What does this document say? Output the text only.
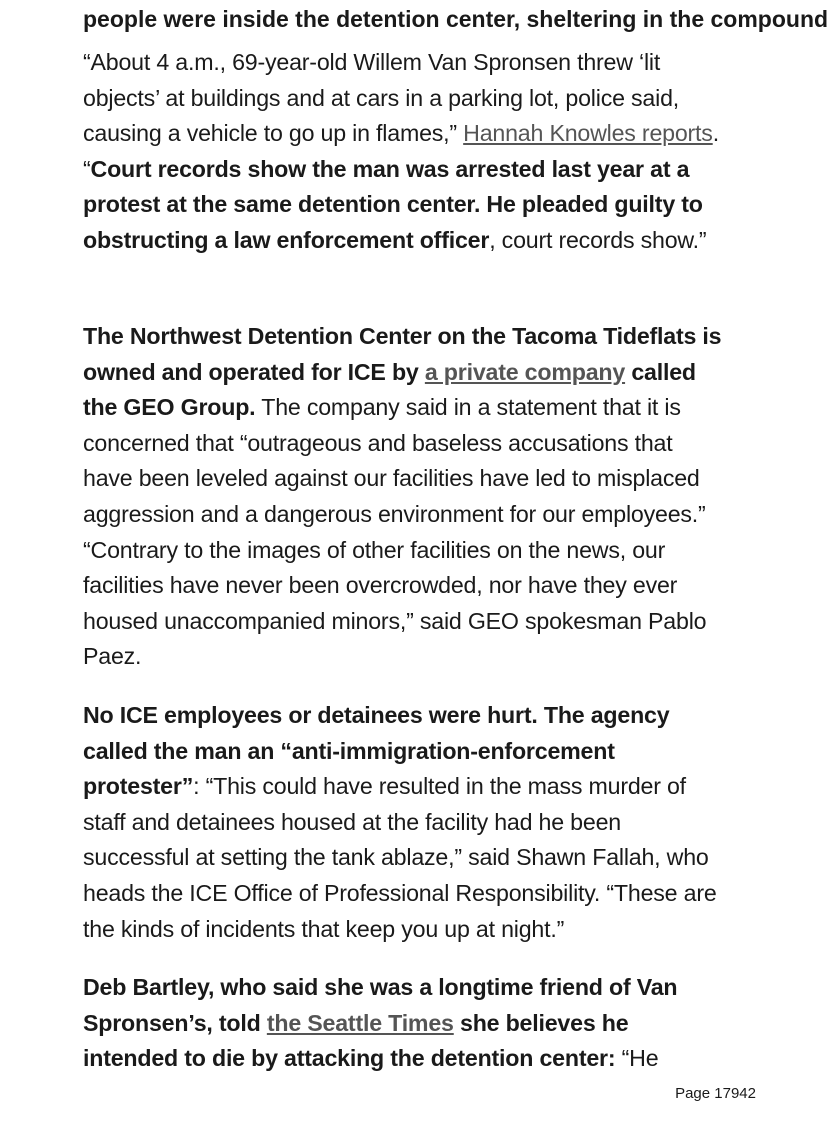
people were inside the detention center, sheltering in the compound

“About 4 a.m., 69-year-old Willem Van Spronsen threw ‘lit objects’ at buildings and at cars in a parking lot, police said, causing a vehicle to go up in flames,” Hannah Knowles reports. “Court records show the man was arrested last year at a protest at the same detention center. He pleaded guilty to obstructing a law enforcement officer, court records show.”

The Northwest Detention Center on the Tacoma Tideflats is owned and operated for ICE by a private company called the GEO Group. The company said in a statement that it is concerned that “outrageous and baseless accusations that have been leveled against our facilities have led to misplaced aggression and a dangerous environment for our employees.” “Contrary to the images of other facilities on the news, our facilities have never been overcrowded, nor have they ever housed unaccompanied minors,” said GEO spokesman Pablo Paez.

No ICE employees or detainees were hurt. The agency called the man an “anti-immigration-enforcement protester”: “This could have resulted in the mass murder of staff and detainees housed at the facility had he been successful at setting the tank ablaze,” said Shawn Fallah, who heads the ICE Office of Professional Responsibility. “These are the kinds of incidents that keep you up at night.”

Deb Bartley, who said she was a longtime friend of Van Spronsen’s, told the Seattle Times she believes he intended to die by attacking the detention center: “He

Page 17942
